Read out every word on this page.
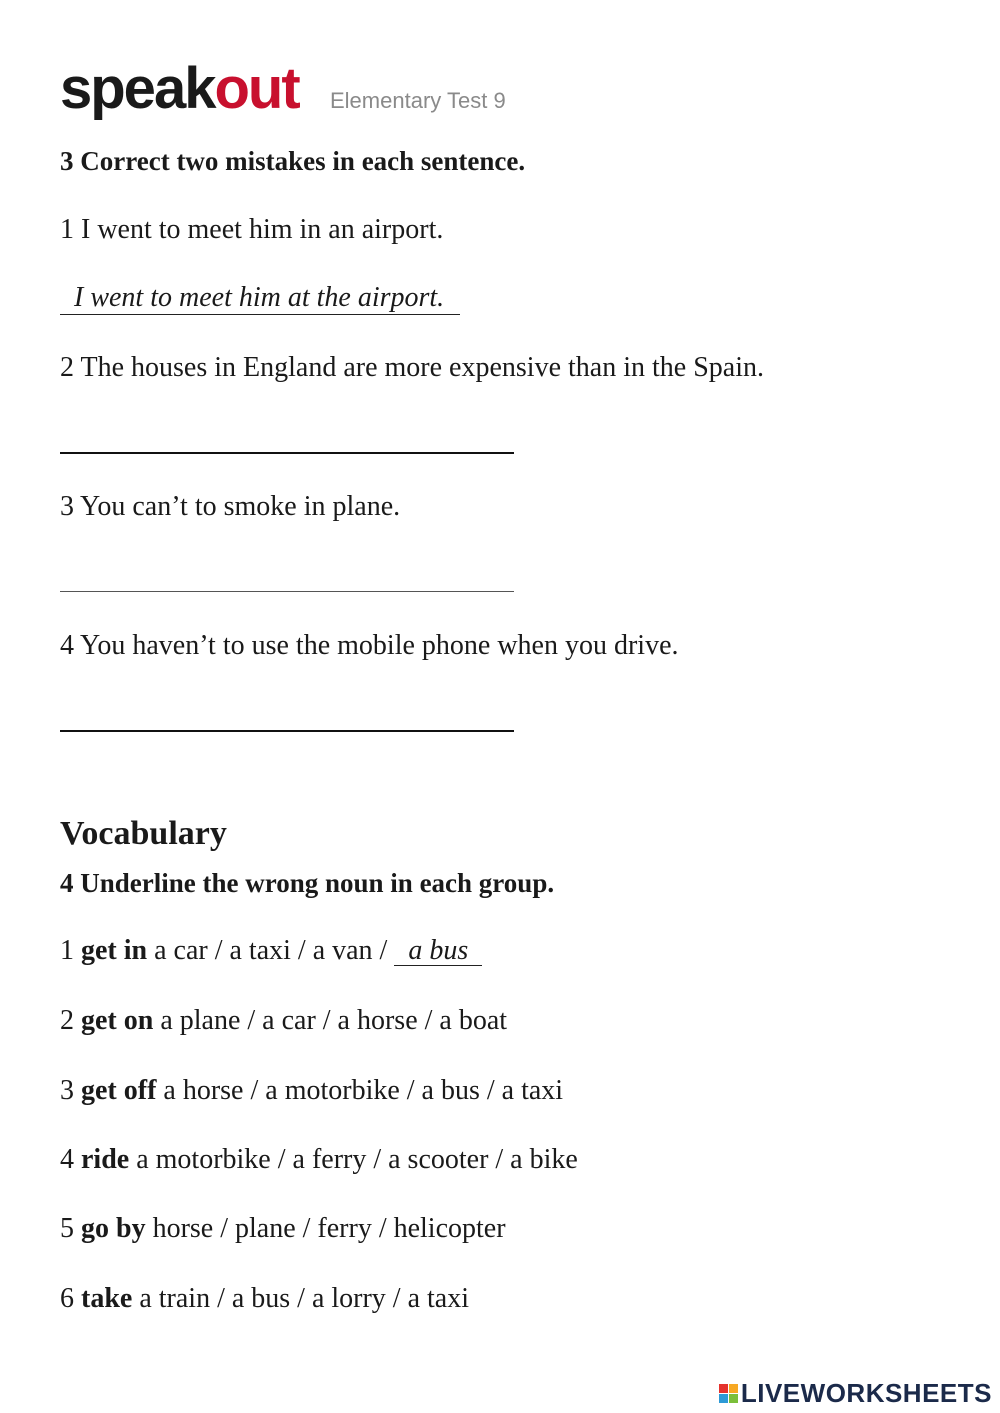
speakout Elementary Test 9
3 Correct two mistakes in each sentence.
1 I went to meet him in an airport.
I went to meet him at the airport.
2 The houses in England are more expensive than in the Spain.
3 You can’t to smoke in plane.
4 You haven’t to use the mobile phone when you drive.
Vocabulary
4 Underline the wrong noun in each group.
1 get in a car / a taxi / a van / a bus
2 get on a plane / a car / a horse / a boat
3 get off a horse / a motorbike / a bus / a taxi
4 ride a motorbike / a ferry / a scooter / a bike
5 go by horse / plane / ferry / helicopter
6 take a train / a bus / a lorry / a taxi
LIVEWORKSHEETS
